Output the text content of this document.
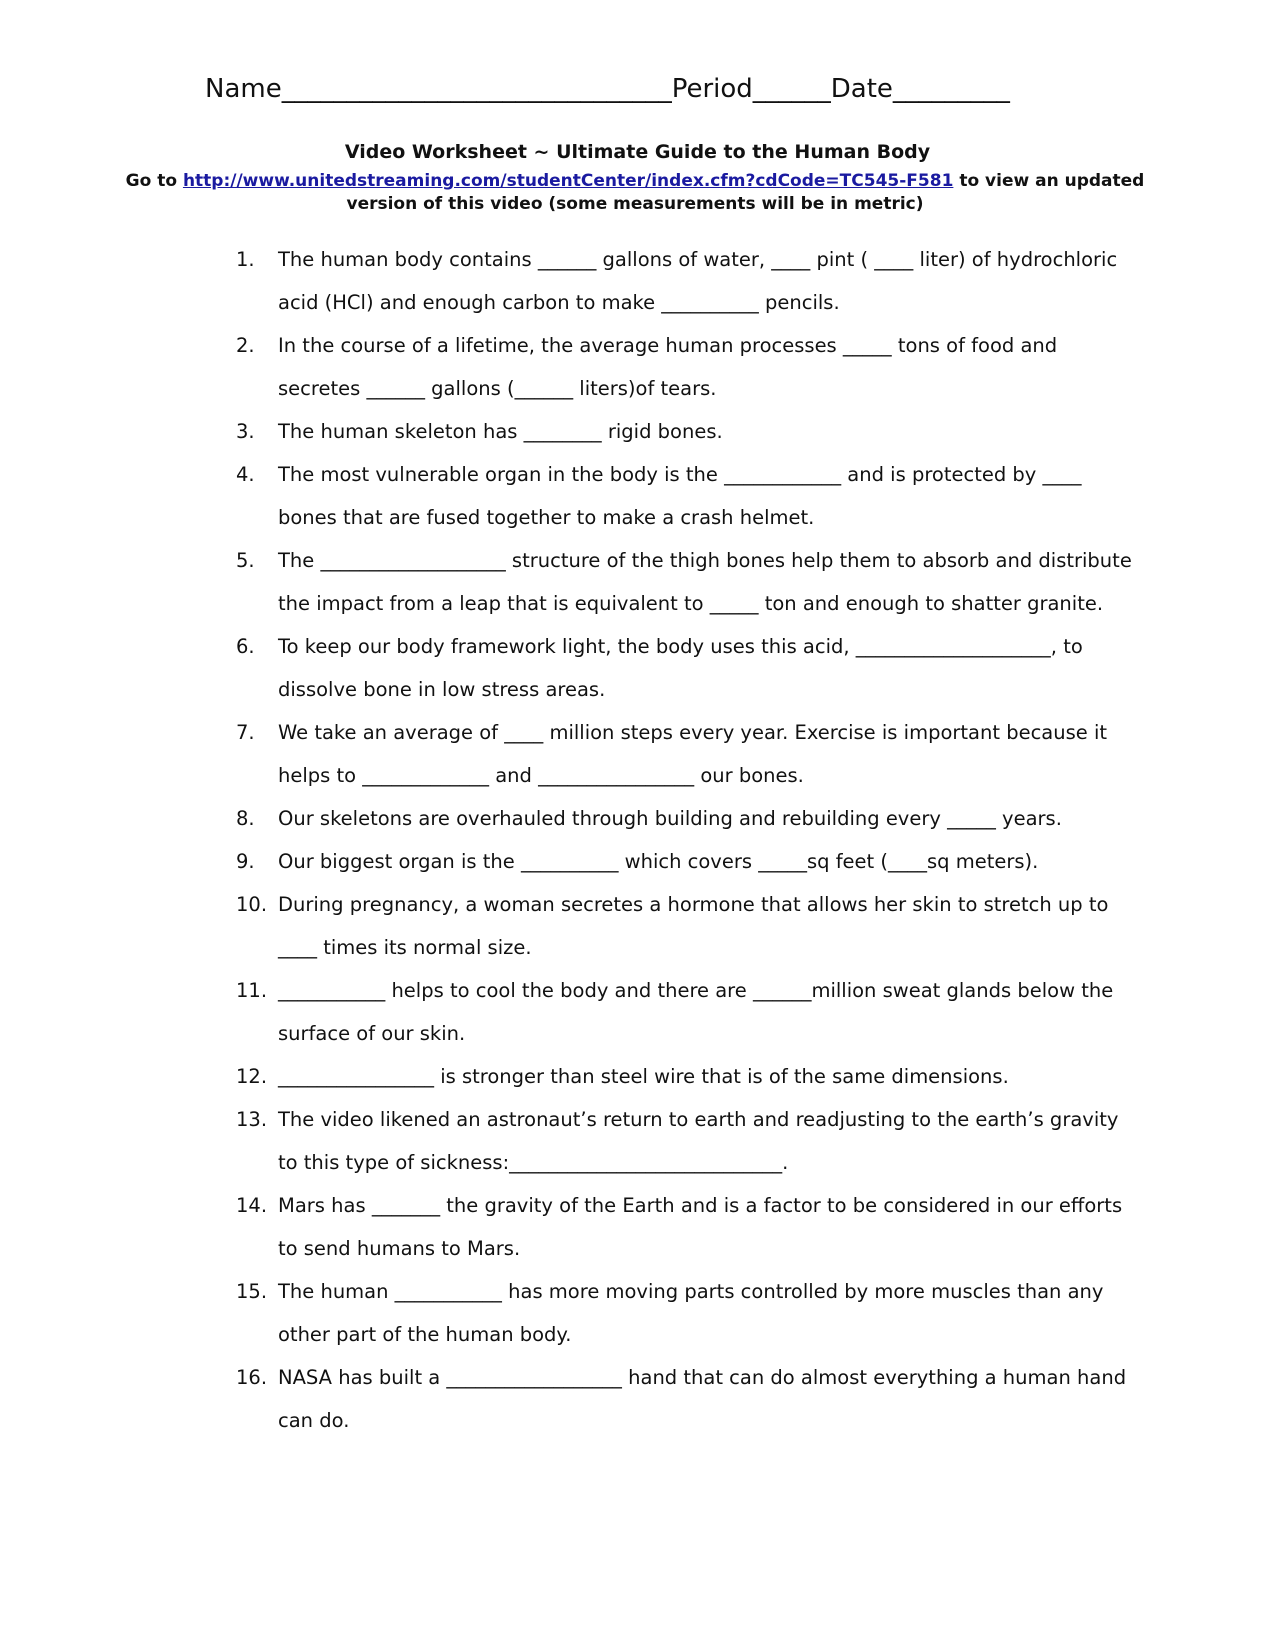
Name______________________________Period______Date_________
Video Worksheet ~ Ultimate Guide to the Human Body
Go to http://www.unitedstreaming.com/studentCenter/index.cfm?cdCode=TC545-F581 to view an updated version of this video (some measurements will be in metric)
1.	The human body contains ______ gallons of water, ____ pint ( ____ liter) of hydrochloric acid (HCl) and enough carbon to make __________ pencils.
2.	In the course of a lifetime, the average human processes _____ tons of food and secretes ______ gallons (______ liters)of tears.
3.	The human skeleton has ________ rigid bones.
4.	The most vulnerable organ in the body is the ____________ and is protected by ____ bones that are fused together to make a crash helmet.
5.	The ___________________ structure of the thigh bones help them to absorb and distribute the impact from a leap that is equivalent to _____ ton and enough to shatter granite.
6.	To keep our body framework light, the body uses this acid, ____________________, to dissolve bone in low stress areas.
7.	We take an average of ____ million steps every year. Exercise is important because it helps to _____________ and ________________ our bones.
8.	Our skeletons are overhauled through building and rebuilding every _____ years.
9.	Our biggest organ is the __________ which covers _____sq feet (____sq meters).
10. During pregnancy, a woman secretes a hormone that allows her skin to stretch up to ____ times its normal size.
11. ___________ helps to cool the body and there are ______million sweat glands below the surface of our skin.
12. ________________ is stronger than steel wire that is of the same dimensions.
13. The video likened an astronaut’s return to earth and readjusting to the earth’s gravity to this type of sickness:____________________________.
14. Mars has _______ the gravity of the Earth and is a factor to be considered in our efforts to send humans to Mars.
15. The human ___________ has more moving parts controlled by more muscles than any other part of the human body.
16. NASA has built a __________________ hand that can do almost everything a human hand can do.
